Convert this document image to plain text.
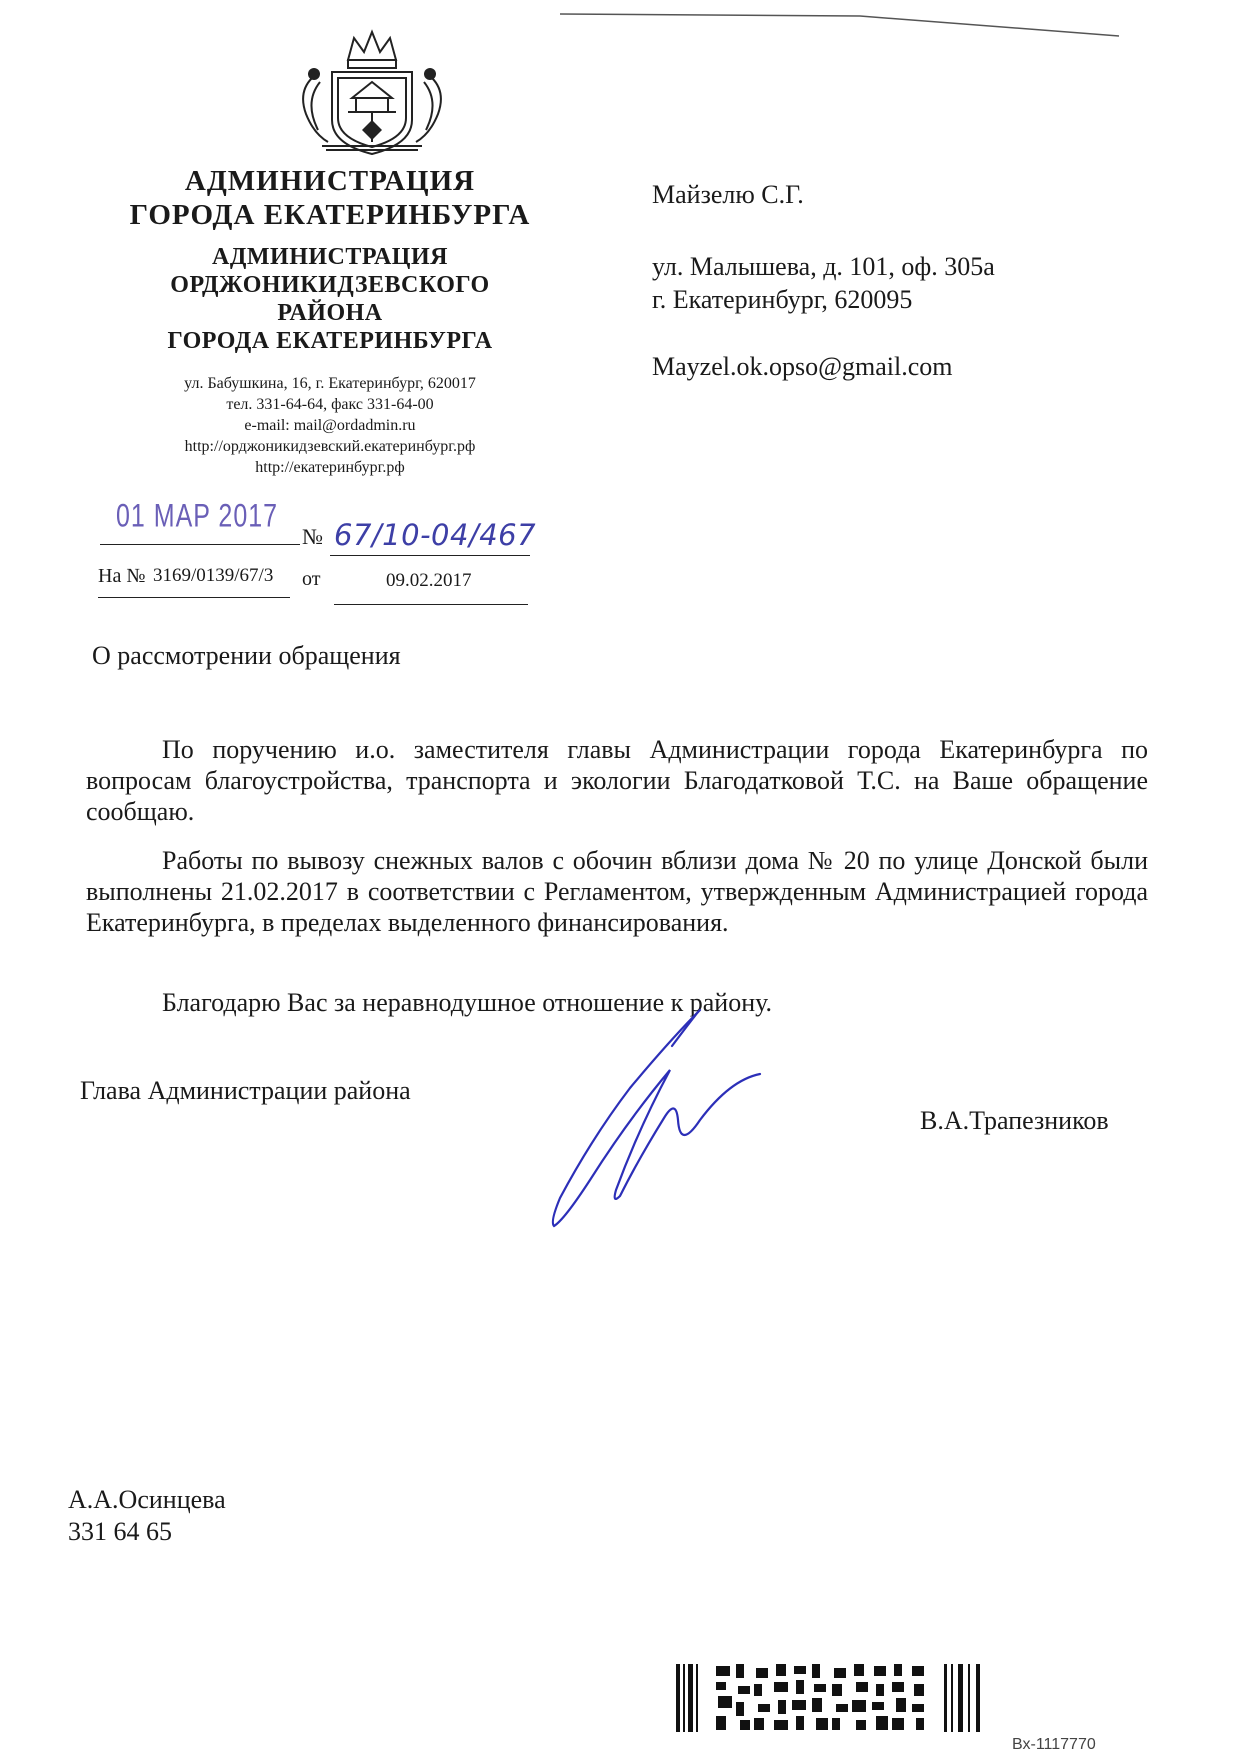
АДМИНИСТРАЦИЯ

ГОРОДА ЕКАТЕРИНБУРГА

АДМИНИСТРАЦИЯ

ОРДЖОНИКИДЗЕВСКОГО

РАЙОНА

ГОРОДА ЕКАТЕРИНБУРГА

ул. Бабушкина, 16, г. Екатеринбург, 620017
тел. 331-64-64, факс 331-64-00
e-mail: mail@ordadmin.ru
http://орджоникидзевский.екатеринбург.рф
http://екатеринбург.рф
01 MAP 2017
№ 67/10-04/467
На № 3169/0139/67/3 от	09.02.2017
Майзелю С.Г.
ул. Малышева, д. 101, оф. 305а
г. Екатеринбург, 620095
Mayzel.ok.opso@gmail.com
О рассмотрении обращения

По поручению и.о. заместителя главы Администрации города Екатеринбурга по вопросам благоустройства, транспорта и экологии Благодатковой Т.С. на Ваше обращение сообщаю.

Работы по вывозу снежных валов с обочин вблизи дома № 20 по улице Донской были выполнены 21.02.2017 в соответствии с Регламентом, утвержденным Администрацией города Екатеринбурга, в пределах выделенного финансирования.

Благодарю Вас за неравнодушное отношение к району.

Глава Администрации района
В.А.Трапезников
А.А.Осинцева
331 64 65
Вх-1117770
